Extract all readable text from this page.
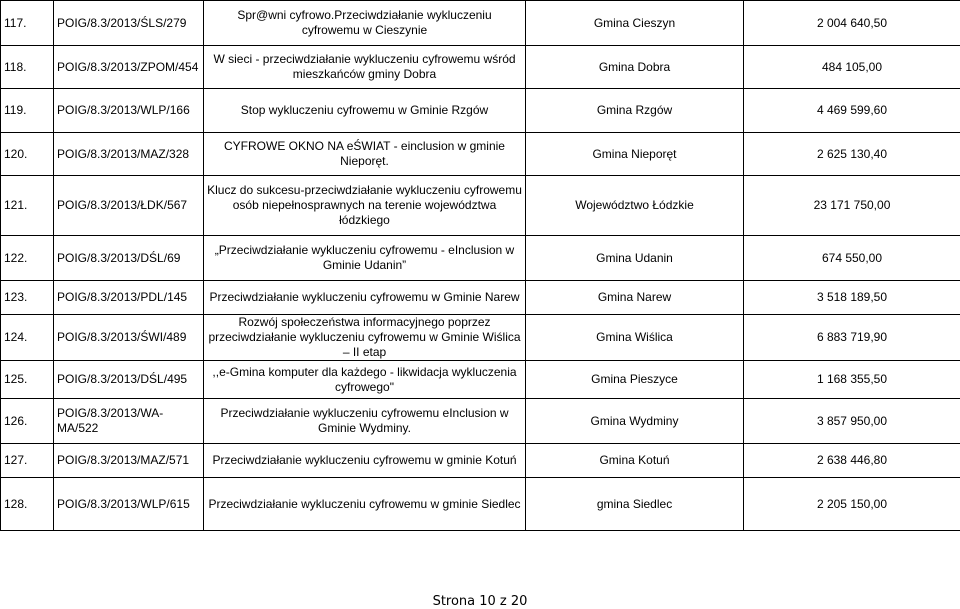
117.	POIG/8.3/2013/ŚLS/279	Spr@wni cyfrowo.Przeciwdziałanie wykluczeniu cyfrowemu w Cieszynie	Gmina Cieszyn	2 004 640,50
118.	POIG/8.3/2013/ZPOM/454	W sieci - przeciwdziałanie wykluczeniu cyfrowemu wśród mieszkańców gminy Dobra	Gmina Dobra	484 105,00
119.	POIG/8.3/2013/WLP/166	Stop wykluczeniu cyfrowemu w Gminie Rzgów	Gmina Rzgów	4 469 599,60
120.	POIG/8.3/2013/MAZ/328	CYFROWE OKNO NA eŚWIAT - einclusion w gminie Nieporęt.	Gmina Nieporęt	2 625 130,40
121.	POIG/8.3/2013/ŁDK/567	Klucz do sukcesu-przeciwdziałanie wykluczeniu cyfrowemu osób niepełnosprawnych na terenie województwa łódzkiego	Województwo Łódzkie	23 171 750,00
122.	POIG/8.3/2013/DŚL/69	„Przeciwdziałanie wykluczeniu cyfrowemu - eInclusion w Gminie Udanin”	Gmina Udanin	674 550,00
123.	POIG/8.3/2013/PDL/145	Przeciwdziałanie wykluczeniu cyfrowemu w Gminie Narew	Gmina Narew	3 518 189,50
124.	POIG/8.3/2013/ŚWI/489	Rozwój społeczeństwa informacyjnego poprzez przeciwdziałanie wykluczeniu cyfrowemu w Gminie Wiślica – II etap	Gmina Wiślica	6 883 719,90
125.	POIG/8.3/2013/DŚL/495	,,e-Gmina komputer dla każdego - likwidacja wykluczenia cyfrowego"	Gmina Pieszyce	1 168 355,50
126.	POIG/8.3/2013/WA-MA/522	Przeciwdziałanie wykluczeniu cyfrowemu eInclusion w Gminie Wydminy.	Gmina Wydminy	3 857 950,00
127.	POIG/8.3/2013/MAZ/571	Przeciwdziałanie wykluczeniu cyfrowemu w gminie Kotuń	Gmina Kotuń	2 638 446,80
128.	POIG/8.3/2013/WLP/615	Przeciwdziałanie wykluczeniu cyfrowemu w gminie Siedlec	gmina Siedlec	2 205 150,00
Strona 10 z 20
